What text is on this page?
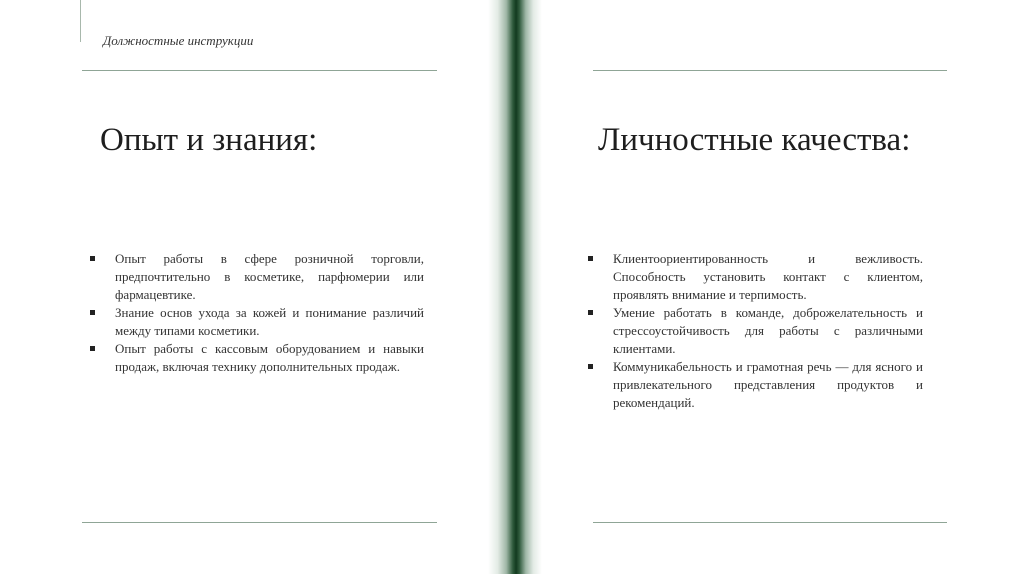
Должностные инструкции
Опыт и знания:	Личностные качества:
Опыт работы в сфере розничной торговли, предпочтительно в косметике, парфюмерии или фармацевтике.
Знание основ ухода за кожей и понимание различий между типами косметики.
Опыт работы с кассовым оборудованием и навыки продаж, включая технику дополнительных продаж.
Клиентоориентированность и вежливость. Способность установить контакт с клиентом, проявлять внимание и терпимость.
Умение работать в команде, доброжелательность и стрессоустойчивость для работы с различными клиентами.
Коммуникабельность и грамотная речь — для ясного и привлекательного представления продуктов и рекомендаций.
